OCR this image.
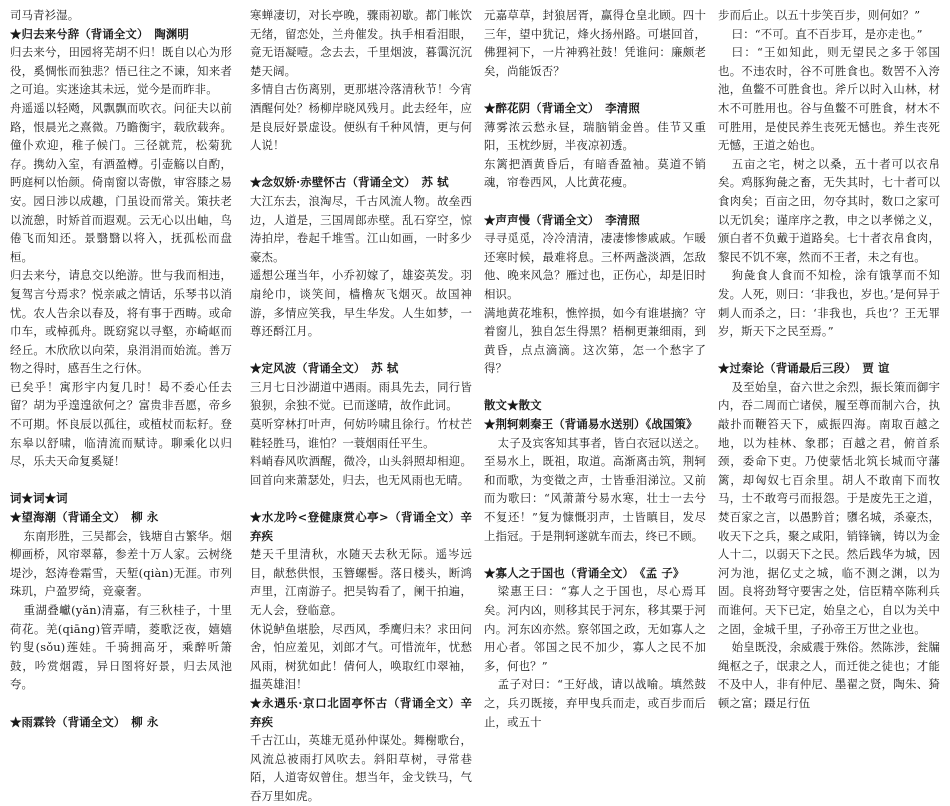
司马青衫湿。

★归去来兮辞（背诵全文）　陶渊明

归去来兮，田园将芜胡不归！既自以心为形役，奚惆怅而独悲？悟已往之不谏，知来者之可追。实迷途其未远，觉今是而昨非。

舟遥遥以轻飏，风飘飘而吹衣。问征夫以前路，恨晨光之熹微。乃瞻衡宇，载欣载奔。僮仆欢迎，稚子候门。三径就荒，松菊犹存。携幼入室，有酒盈樽。引壶觞以自酌，眄庭柯以怡颜。倚南窗以寄傲，审容膝之易安。园日涉以成趣，门虽设而常关。策扶老以流憩，时矫首而遐观。云无心以出岫，鸟倦飞而知还。景翳翳以将入，抚孤松而盘桓。

归去来兮，请息交以绝游。世与我而相违，复驾言兮焉求？悦亲戚之情话，乐琴书以消忧。农人告余以春及，将有事于西畴。或命巾车，或棹孤舟。既窈窕以寻壑，亦崎岖而经丘。木欣欣以向荣，泉涓涓而始流。善万物之得时，感吾生之行休。

已矣乎！寓形宇内复几时！曷不委心任去留？胡为乎遑遑欲何之？富贵非吾愿，帝乡不可期。怀良辰以孤往，或植杖而耘耔。登东皋以舒啸，临清流而赋诗。聊乘化以归尽，乐夫天命复奚疑！

词★词★词

★望海潮（背诵全文）　柳 永

东南形胜，三吴都会，钱塘自古繁华。烟柳画桥，风帘翠幕，参差十万人家。云树绕堤沙，怒涛卷霜雪，天堑(qiàn)无涯。市列珠玑，户盈罗绮，竞豪奢。

重湖叠巘(yǎn)清嘉，有三秋桂子，十里荷花。羌(qiāng)管弄晴，菱歌泛夜，嬉嬉钓叟(sǒu)莲娃。千骑拥高牙，乘醉听箫鼓，吟赏烟霞，异日图将好景，归去凤池夸。

★雨霖铃（背诵全文）　柳 永

寒蝉凄切，对长亭晚，骤雨初歇。都门帐饮无绪，留恋处，兰舟催发。执手相看泪眼，竟无语凝噎。念去去，千里烟波，暮霭沉沉楚天阔。

多情自古伤离别，更那堪冷落清秋节！今宵酒醒何处？杨柳岸晓风残月。此去经年，应是良辰好景虚设。便纵有千种风情，更与何人说！

★念奴娇·赤壁怀古（背诵全文）　苏 轼

大江东去，浪淘尽，千古风流人物。故垒西边，人道是，三国周郎赤壁。乱石穿空，惊涛拍岸，卷起千堆雪。江山如画，一时多少豪杰。

遥想公瑾当年，小乔初嫁了，雄姿英发。羽扇纶巾，谈笑间，樯橹灰飞烟灭。故国神游，多情应笑我，早生华发。人生如梦，一尊还酹江月。

★定风波（背诵全文）　苏 轼

三月七日沙湖道中遇雨。雨具先去，同行皆狼狈，余独不觉。已而遂晴，故作此词。

莫听穿林打叶声，何妨吟啸且徐行。竹杖芒鞋轻胜马，谁怕？一蓑烟雨任平生。

料峭春风吹酒醒，微冷，山头斜照却相迎。回首向来萧瑟处，归去，也无风雨也无晴。

★水龙吟<登健康赏心亭>（背诵全文）辛弃疾

楚天千里清秋，水随天去秋无际。遥岑远目，献愁供恨，玉簪螺髻。落日楼头，断鸿声里，江南游子。把吴钩看了，阑干拍遍，无人会，登临意。

休说鲈鱼堪脍，尽西风，季鹰归未？求田问舍，怕应羞见，刘郎才气。可惜流年，忧愁风雨，树犹如此！倩何人，唤取红巾翠袖，揾英雄泪！

★永遇乐·京口北固亭怀古（背诵全文）辛弃疾

千古江山，英雄无觅孙仲谋处。舞榭歌台，风流总被雨打风吹去。斜阳草树，寻常巷陌，人道寄奴曾住。想当年，金戈铁马，气吞万里如虎。

元嘉草草，封狼居胥，赢得仓皇北顾。四十三年，望中犹记，烽火扬州路。可堪回首，佛狸祠下，一片神鸦社鼓！凭谁问：廉颇老矣，尚能饭否？

★醉花阴（背诵全文）　李清照

薄雾浓云愁永昼，瑞脑销金兽。佳节又重阳，玉枕纱厨，半夜凉初透。

东篱把酒黄昏后，有暗香盈袖。莫道不销魂，帘卷西风，人比黄花瘦。

★声声慢（背诵全文）　李清照

寻寻觅觅，冷冷清清，凄凄惨惨戚戚。乍暖还寒时候，最难将息。三杯两盏淡酒，怎敌他、晚来风急？雁过也，正伤心，却是旧时相识。

满地黄花堆积，憔悴损，如今有谁堪摘？守着窗儿，独自怎生得黑？梧桐更兼细雨，到黄昏，点点滴滴。这次第，怎一个愁字了得？

散文★散文

★荆轲刺秦王（背诵易水送别）《战国策》

太子及宾客知其事者，皆白衣冠以送之。至易水上，既祖，取道。高渐离击筑，荆轲和而歌，为变徵之声，士皆垂泪涕泣。又前而为歌曰：“风萧萧兮易水寒，壮士一去兮不复还！”复为慷慨羽声，士皆瞋目，发尽上指冠。于是荆轲遂就车而去，终已不顾。

★寡人之于国也（背诵全文）　《孟 子》

梁惠王曰：“寡人之于国也，尽心焉耳矣。河内凶，则移其民于河东，移其粟于河内。河东凶亦然。察邻国之政，无如寡人之用心者。邻国之民不加少，寡人之民不加多，何也？”

孟子对曰：“王好战，请以战喻。填然鼓之，兵刃既接，弃甲曳兵而走，或百步而后止，或五十

步而后止。以五十步笑百步，则何如？”

曰：“不可。直不百步耳，是亦走也。”

曰：“王如知此，则无望民之多于邻国也。不违农时，谷不可胜食也。数罟不入洿池，鱼鳖不可胜食也。斧斤以时入山林，材木不可胜用也。谷与鱼鳖不可胜食，材木不可胜用，是使民养生丧死无憾也。养生丧死无憾，王道之始也。

五亩之宅，树之以桑，五十者可以衣帛矣。鸡豚狗彘之畜，无失其时，七十者可以食肉矣；百亩之田，勿夺其时，数口之家可以无饥矣；谨庠序之教，申之以孝悌之义，颁白者不负戴于道路矣。七十者衣帛食肉，黎民不饥不寒，然而不王者，未之有也。

狗彘食人食而不知检，涂有饿莩而不知发。人死，则曰：‘非我也，岁也。’是何异于刺人而杀之，曰：‘非我也，兵也’？王无罪岁，斯天下之民至焉。”

★过秦论（背诵最后三段）　贾 谊

及至始皇，奋六世之余烈，振长策而御宇内，吞二周而亡诸侯，履至尊而制六合，执敲扑而鞭笞天下，威振四海。南取百越之地，以为桂林、象郡；百越之君，俯首系颈，委命下吏。乃使蒙恬北筑长城而守藩篱，却匈奴七百余里。胡人不敢南下而牧马，士不敢弯弓而报怨。于是废先王之道，焚百家之言，以愚黔首；隳名城，杀豪杰，收天下之兵，聚之咸阳，销锋镝，铸以为金人十二，以弱天下之民。然后践华为城，因河为池，据亿丈之城，临不测之渊，以为固。良将劲弩守要害之处，信臣精卒陈利兵而谁何。天下已定，始皇之心，自以为关中之固，金城千里，子孙帝王万世之业也。

始皇既没，余威震于殊俗。然陈涉，瓮牖绳枢之子，氓隶之人，而迁徙之徒也；才能不及中人，非有仲尼、墨翟之贤，陶朱、猗顿之富；蹑足行伍
